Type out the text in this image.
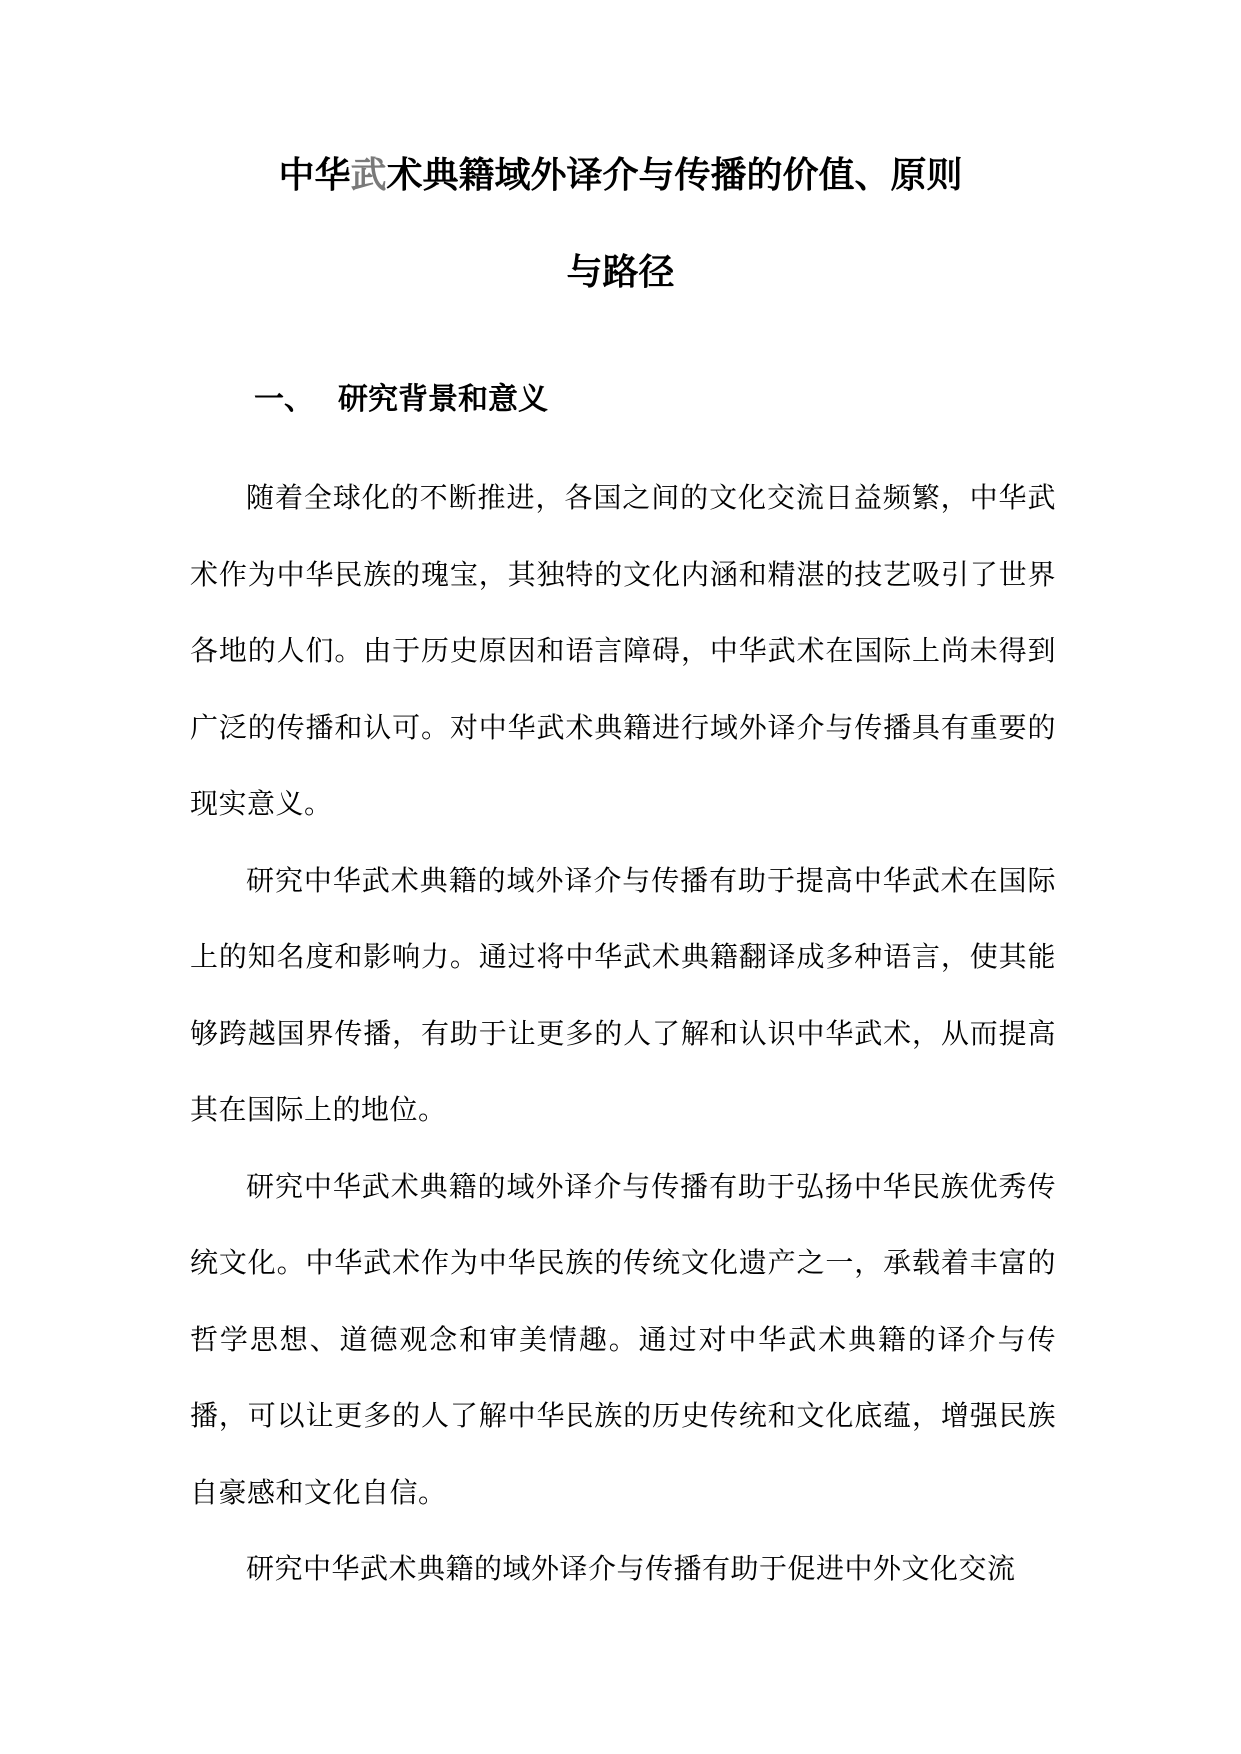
中华武术典籍域外译介与传播的价值、原则
与路径
一、 研究背景和意义

随着全球化的不断推进，各国之间的文化交流日益频繁，中华武术作为中华民族的瑰宝，其独特的文化内涵和精湛的技艺吸引了世界各地的人们。由于历史原因和语言障碍，中华武术在国际上尚未得到广泛的传播和认可。对中华武术典籍进行域外译介与传播具有重要的现实意义。

研究中华武术典籍的域外译介与传播有助于提高中华武术在国际上的知名度和影响力。通过将中华武术典籍翻译成多种语言，使其能够跨越国界传播，有助于让更多的人了解和认识中华武术，从而提高其在国际上的地位。

研究中华武术典籍的域外译介与传播有助于弘扬中华民族优秀传统文化。中华武术作为中华民族的传统文化遗产之一，承载着丰富的哲学思想、道德观念和审美情趣。通过对中华武术典籍的译介与传播，可以让更多的人了解中华民族的历史传统和文化底蕴，增强民族自豪感和文化自信。

研究中华武术典籍的域外译介与传播有助于促进中外文化交流
